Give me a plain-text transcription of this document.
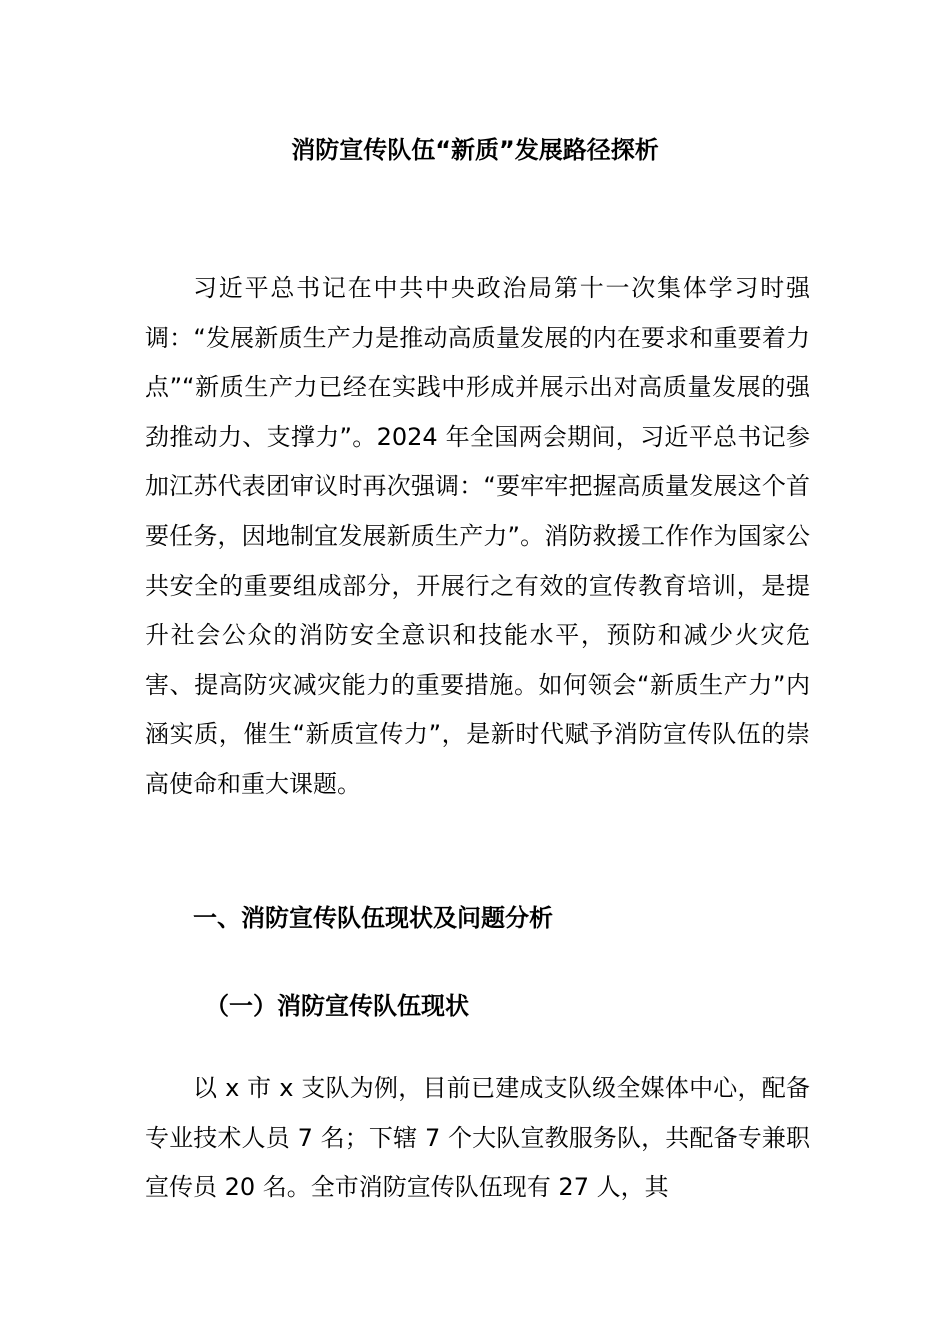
消防宣传队伍“新质”发展路径探析

习近平总书记在中共中央政治局第十一次集体学习时强调：“发展新质生产力是推动高质量发展的内在要求和重要着力点”“新质生产力已经在实践中形成并展示出对高质量发展的强劲推动力、支撑力”。2024 年全国两会期间，习近平总书记参加江苏代表团审议时再次强调：“要牢牢把握高质量发展这个首要任务，因地制宜发展新质生产力”。消防救援工作作为国家公共安全的重要组成部分，开展行之有效的宣传教育培训，是提升社会公众的消防安全意识和技能水平，预防和减少火灾危害、提高防灾减灾能力的重要措施。如何领会“新质生产力”内涵实质，催生“新质宣传力”，是新时代赋予消防宣传队伍的崇高使命和重大课题。

一、消防宣传队伍现状及问题分析
（一）消防宣传队伍现状

以 x 市 x 支队为例，目前已建成支队级全媒体中心，配备专业技术人员 7 名；下辖 7 个大队宣教服务队，共配备专兼职宣传员 20 名。全市消防宣传队伍现有 27 人，其
